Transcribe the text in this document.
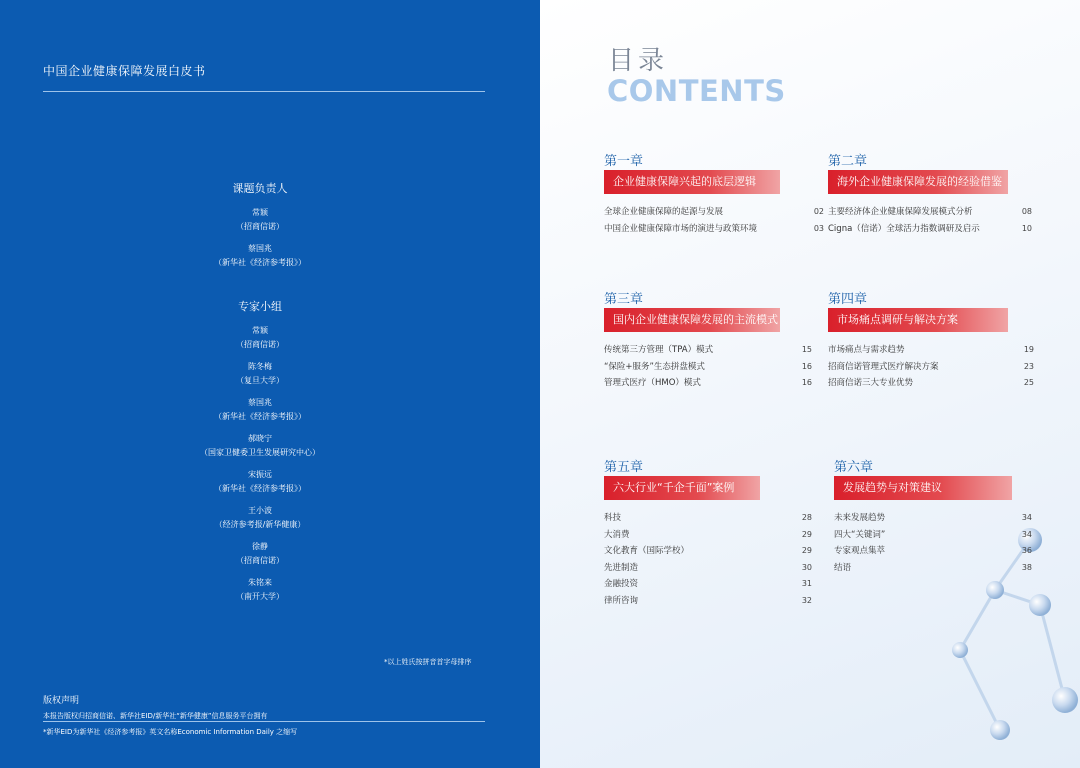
中国企业健康保障发展白皮书
课题负责人
常颖
（招商信诺）
蔡国兆
（新华社《经济参考报》）
专家小组
常颖
（招商信诺）
陈冬梅
（复旦大学）
蔡国兆
（新华社《经济参考报》）
郝晓宁
（国家卫健委卫生发展研究中心）
宋振远
（新华社《经济参考报》）
王小波
（经济参考报/新华健康）
徐静
（招商信诺）
朱铭来
（南开大学）
*以上姓氏按拼音首字母排序
版权声明
本报告版权归招商信诺、新华社EID/新华社“新华健康”信息服务平台拥有
*新华EID为新华社《经济参考报》英文名称Economic Information Daily 之缩写
目录
CONTENTS
第一章
企业健康保障兴起的底层逻辑
全球企业健康保障的起源与发展	02
中国企业健康保障市场的演进与政策环境	03
第二章
海外企业健康保障发展的经验借鉴
主要经济体企业健康保障发展模式分析	08
Cigna（信诺）全球活力指数调研及启示	10
第三章
国内企业健康保障发展的主流模式
传统第三方管理（TPA）模式	15
“保险+服务”生态拼盘模式	16
管理式医疗（HMO）模式	16
第四章
市场痛点调研与解决方案
市场痛点与需求趋势	19
招商信诺管理式医疗解决方案	23
招商信诺三大专业优势	25
第五章
六大行业“千企千面”案例
科技	28
大消费	29
文化教育（国际学校）	29
先进制造	30
金融投资	31
律所咨询	32
第六章
发展趋势与对策建议
未来发展趋势	34
四大“关键词”	34
专家观点集萃	36
结语	38
